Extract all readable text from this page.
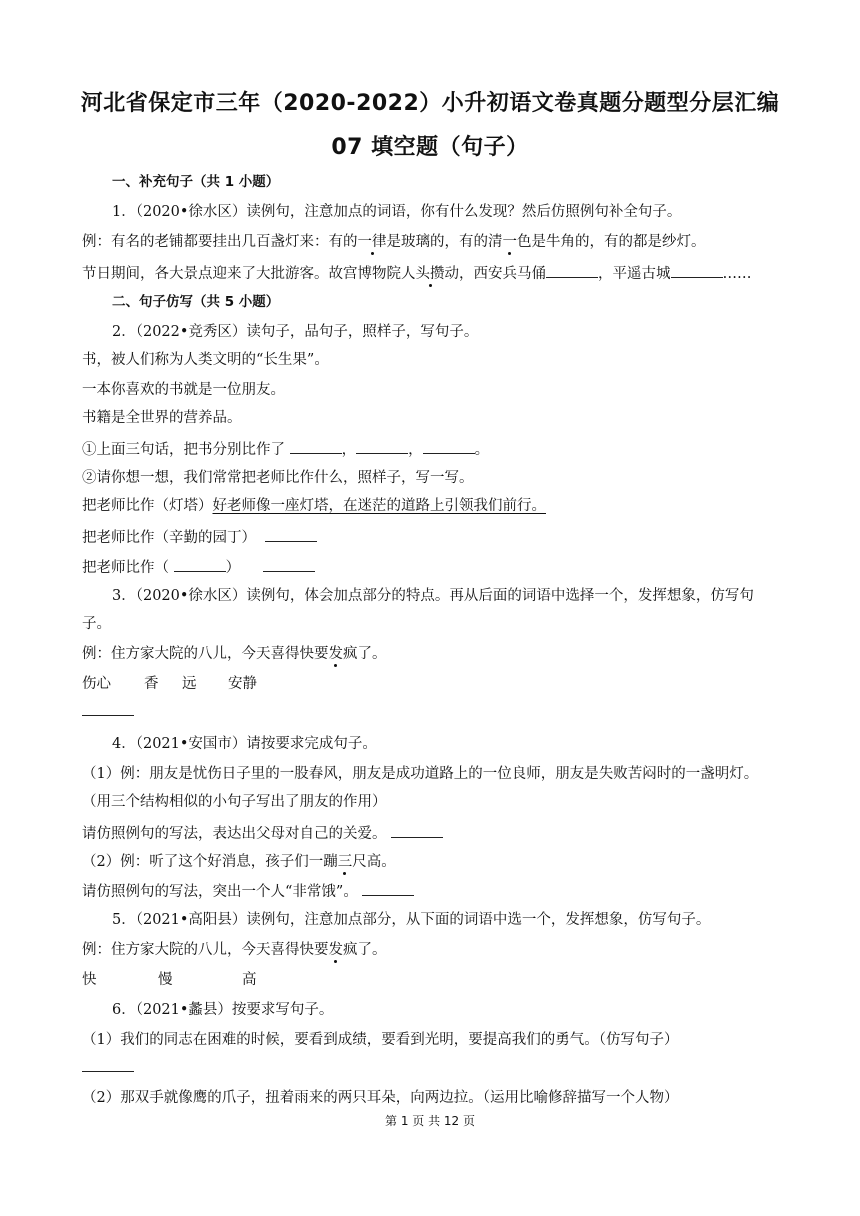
河北省保定市三年（2020-2022）小升初语文卷真题分题型分层汇编
07 填空题（句子）
一、补充句子（共 1 小题）
1．（2020•徐水区）读例句，注意加点的词语，你有什么发现？然后仿照例句补全句子。
例：有名的老铺都要挂出几百盏灯来：有的一律是玻璃的，有的清一色是牛角的，有的都是纱灯。
节日期间，各大景点迎来了大批游客。故宫博物院人头攒动，西安兵马俑	，平遥古城	……
二、句子仿写（共 5 小题）
2．（2022•竞秀区）读句子，品句子，照样子，写句子。
书，被人们称为人类文明的“长生果”。
一本你喜欢的书就是一位朋友。
书籍是全世界的营养品。
①上面三句话，把书分别比作了	，	，	。
②请你想一想，我们常常把老师比作什么，照样子，写一写。
把老师比作（灯塔）好老师像一座灯塔，在迷茫的道路上引领我们前行。
把老师比作（辛勤的园丁）
把老师比作（	）
3．（2020•徐水区）读例句，体会加点部分的特点。再从后面的词语中选择一个，发挥想象，仿写句
子。
例：住方家大院的八儿，今天喜得快要发疯了。
伤心 香 远 安静
4．（2021•安国市）请按要求完成句子。
（1）例：朋友是忧伤日子里的一股春风，朋友是成功道路上的一位良师，朋友是失败苦闷时的一盏明灯。
（用三个结构相似的小句子写出了朋友的作用）
请仿照例句的写法，表达出父母对自己的关爱。
（2）例：听了这个好消息，孩子们一蹦三尺高。
请仿照例句的写法，突出一个人“非常饿”。
5．（2021•高阳县）读例句，注意加点部分，从下面的词语中选一个，发挥想象，仿写句子。
例：住方家大院的八儿，今天喜得快要发疯了。
快	慢	高
6．（2021•蠡县）按要求写句子。
（1）我们的同志在困难的时候，要看到成绩，要看到光明，要提高我们的勇气。（仿写句子）
（2）那双手就像鹰的爪子，扭着雨来的两只耳朵，向两边拉。（运用比喻修辞描写一个人物）
第 1 页 共 12 页
